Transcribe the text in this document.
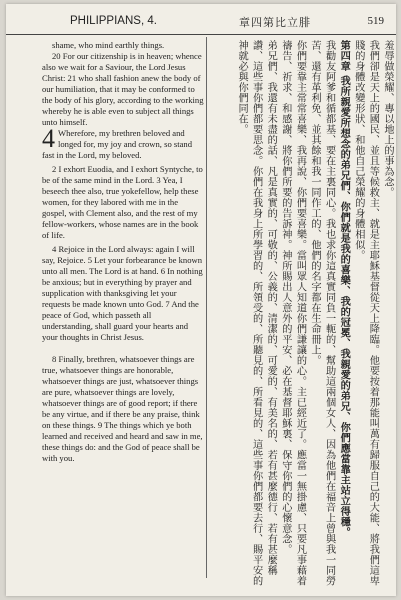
PHILIPPIANS, 4.	章四第比立腓	519

shame, who mind earthly things.

20 For our citizenship is in heaven; whence also we wait for a Saviour, the Lord Jesus Christ: 21 who shall fashion anew the body of our humiliation, that it may be conformed to the body of his glory, according to the working whereby he is able even to subject all things unto himself.

4 Wherefore, my brethren beloved and longed for, my joy and crown, so stand fast in the Lord, my beloved.

2 I exhort Euodia, and I exhort Syntyche, to be of the same mind in the Lord. 3 Yea, I beseech thee also, true yokefellow, help these women, for they labored with me in the gospel, with Clement also, and the rest of my fellow-workers, whose names are in the book of life.

4 Rejoice in the Lord always: again I will say, Rejoice. 5 Let your forbearance be known unto all men. The Lord is at hand. 6 In nothing be anxious; but in everything by prayer and supplication with thanksgiving let your requests be made known unto God. 7 And the peace of God, which passeth all understanding, shall guard your hearts and your thoughts in Christ Jesus.

8 Finally, brethren, whatsoever things are true, whatsoever things are honorable, whatsoever things are just, whatsoever things are pure, whatsoever things are lovely, whatsoever things are of good report; if there be any virtue, and if there be any praise, think on these things. 9 The things which ye both learned and received and heard and saw in me, these things do: and the God of peace shall be with you.

羞辱做榮耀、專以地上的事為念。

我們卻是天上的國民、並且等候救主、就是主耶穌基督從天上降臨。他要按着那能叫萬有歸服自己的大能、將我們這卑賤的身體改變形狀、和他自己榮耀的身體相似。

第四章 我所親愛所想念的弟兄們、你們就是我的喜樂、我的冠冕、我親愛的弟兄、你們應當靠主站立得穩。

我勸友阿爹和循都基、要在主裏同心。我也求你這真實同負一軛的、幫助這兩個女人、因為他們在福音上曾與我一同勞苦、還有革利免、並其餘和我一同作工的、他們的名字都在生命冊上。

你們要靠主常常喜樂、我再說、你們要喜樂。當叫眾人知道你們謙讓的心。主已經近了。應當一無掛慮、只要凡事藉着禱告、祈求、和感謝、將你們所要的告訴神。神所賜出人意外的平安、必在基督耶穌裏、保守你們的心懷意念。

弟兄們、我還有未盡的話、凡是真實的、可敬的、公義的、清潔的、可愛的、有美名的、若有甚麼德行、若有甚麼稱讚、這些事你們都要思念。你們在我身上所學習的、所領受的、所聽見的、所看見的、這些事你們都要去行、賜平安的神就必與你們同在。
